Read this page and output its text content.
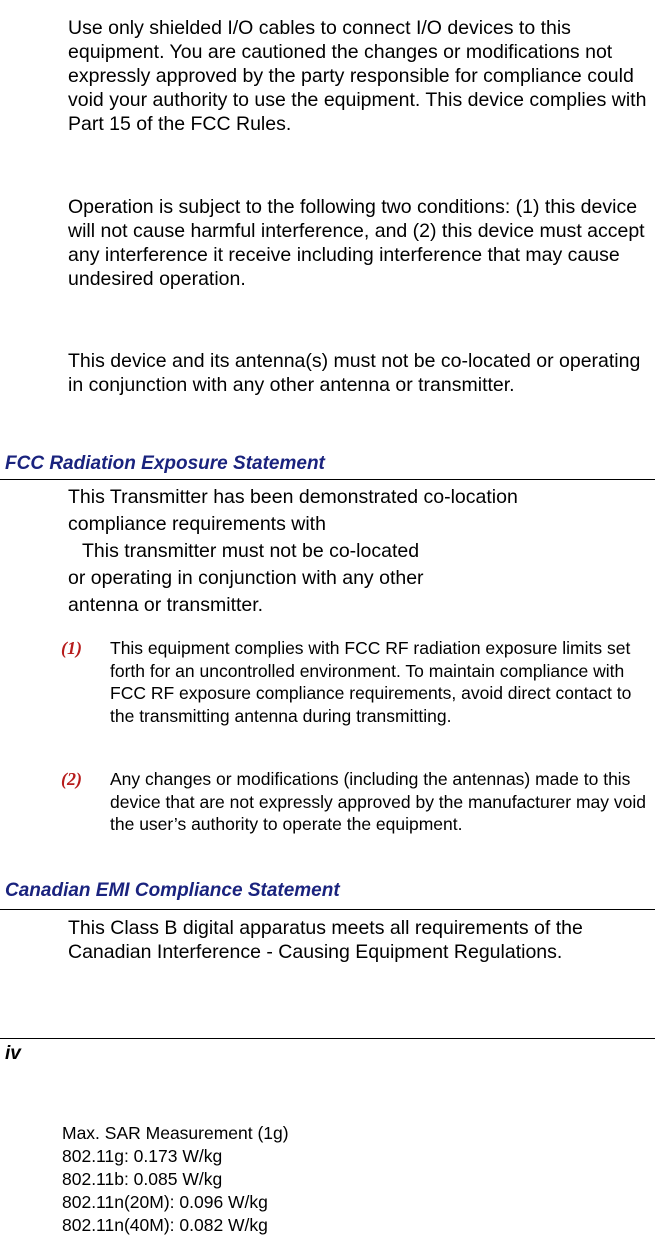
Use only shielded I/O cables to connect I/O devices to this equipment. You are cautioned the changes or modifications not expressly approved by the party responsible for compliance could void your authority to use the equipment. This device complies with Part 15 of the FCC Rules.

Operation is subject to the following two conditions: (1) this device will not cause harmful interference, and (2) this device must accept any interference it receive including interference that may cause undesired operation.

This device and its antenna(s) must not be co-located or operating in conjunction with any other antenna or transmitter.

FCC Radiation Exposure Statement
This Transmitter has been demonstrated co-location
compliance requirements with
This transmitter must not be co-located
or operating in conjunction with any other
antenna or transmitter.
(1) This equipment complies with FCC RF radiation exposure limits set forth for an uncontrolled environment. To maintain compliance with FCC RF exposure compliance requirements, avoid direct contact to the transmitting antenna during transmitting.

(2) Any changes or modifications (including the antennas) made to this device that are not expressly approved by the manufacturer may void the user’s authority to operate the equipment.

Canadian EMI Compliance Statement

This Class B digital apparatus meets all requirements of the Canadian Interference - Causing Equipment Regulations.

iv

Max. SAR Measurement (1g)
802.11g: 0.173 W/kg
802.11b: 0.085 W/kg
802.11n(20M): 0.096 W/kg
802.11n(40M): 0.082 W/kg
